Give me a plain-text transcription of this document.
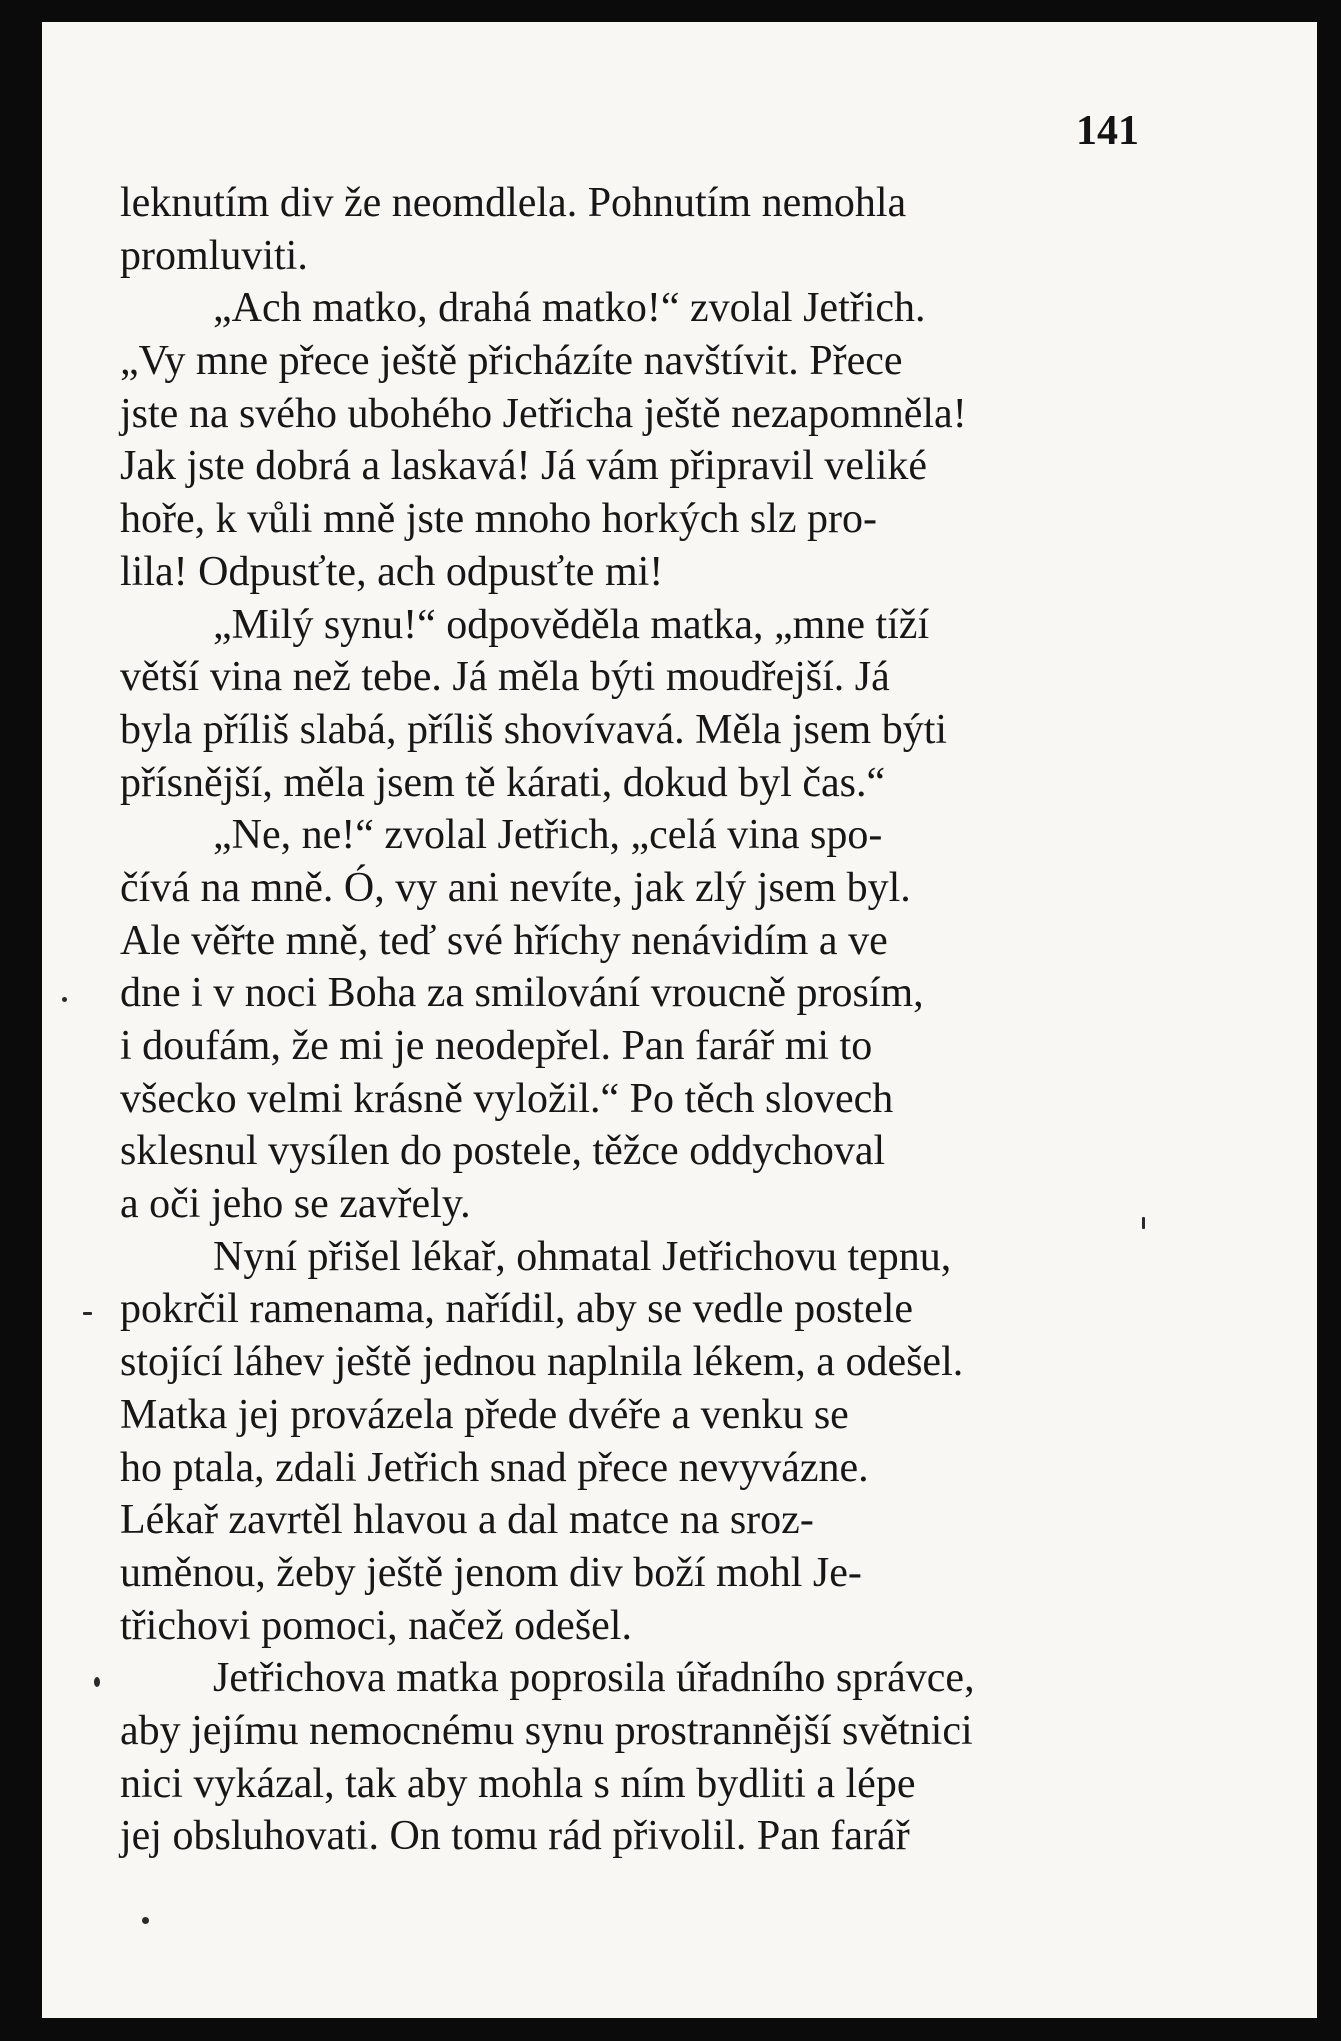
141
leknutím div že neomdlela. Pohnutím nemohla
promluviti.
„Ach matko, drahá matko!“ zvolal Jetřich.
„Vy mne přece ještě přicházíte navštívit. Přece
jste na svého ubohého Jetřicha ještě nezapomněla!
Jak jste dobrá a laskavá! Já vám připravil veliké
hoře, k vůli mně jste mnoho horkých slz pro-
lila! Odpusťte, ach odpusťte mi!
„Milý synu!“ odpověděla matka, „mne tíží
větší vina než tebe. Já měla býti moudřejší. Já
byla příliš slabá, příliš shovívavá. Měla jsem býti
přísnější, měla jsem tě kárati, dokud byl čas.“
„Ne, ne!“ zvolal Jetřich, „celá vina spo-
čívá na mně. Ó, vy ani nevíte, jak zlý jsem byl.
Ale věřte mně, teď své hříchy nenávidím a ve
dne i v noci Boha za smilování vroucně prosím,
i doufám, že mi je neodepřel. Pan farář mi to
všecko velmi krásně vyložil.“ Po těch slovech
sklesnul vysílen do postele, těžce oddychoval
a oči jeho se zavřely.
Nyní přišel lékař, ohmatal Jetřichovu tepnu,
pokrčil ramenama, nařídil, aby se vedle postele
stojící láhev ještě jednou naplnila lékem, a odešel.
Matka jej provázela přede dvéře a venku se
ho ptala, zdali Jetřich snad přece nevyvázne.
Lékař zavrtěl hlavou a dal matce na sroz-
uměnou, žeby ještě jenom div boží mohl Je-
třichovi pomoci, načež odešel.
Jetřichova matka poprosila úřadního správce,
aby jejímu nemocnému synu prostrannější světnici
nici vykázal, tak aby mohla s ním bydliti a lépe
jej obsluhovati. On tomu rád přivolil. Pan farář
